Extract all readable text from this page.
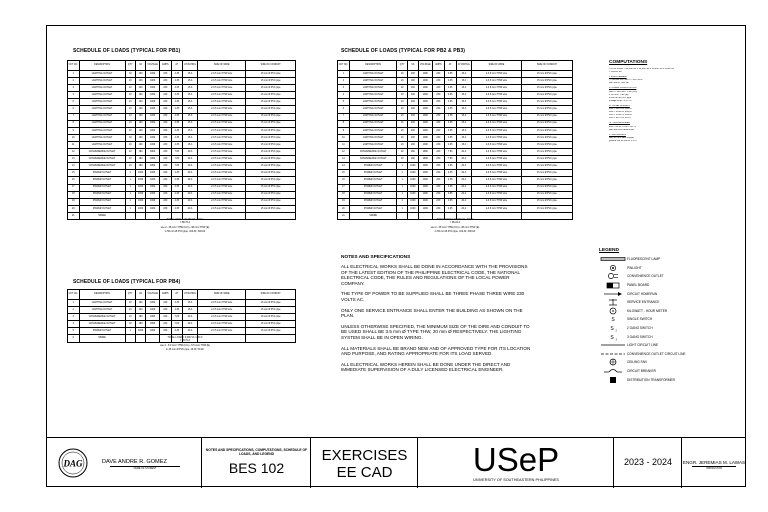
SCHEDULE OF LOADS (TYPICAL FOR PB1)
CKT NO.	DESCRIPTION	QTY	VA	VOLTAGE	AMPS	AT	AT RATING	SIZE OF WIRE	SIZE OF CONDUIT
1	LIGHTING OUTLET	10	100	1000	230	4.35	15 A	2-3.5 mm² THW wire	15 mm Ø PVC pipe
2	LIGHTING OUTLET	10	100	1000	230	4.35	15 A	2-3.5 mm² THW wire	15 mm Ø PVC pipe
3	LIGHTING OUTLET	10	100	1000	230	4.35	15 A	2-3.5 mm² THW wire	15 mm Ø PVC pipe
4	LIGHTING OUTLET	10	100	1000	230	4.35	15 A	2-3.5 mm² THW wire	15 mm Ø PVC pipe
5	LIGHTING OUTLET	10	100	1000	230	4.35	15 A	2-3.5 mm² THW wire	15 mm Ø PVC pipe
6	LIGHTING OUTLET	10	100	1000	230	4.35	15 A	2-3.5 mm² THW wire	15 mm Ø PVC pipe
7	LIGHTING OUTLET	10	100	1000	230	4.35	15 A	2-3.5 mm² THW wire	15 mm Ø PVC pipe
8	LIGHTING OUTLET	10	100	1000	230	4.35	15 A	2-3.5 mm² THW wire	15 mm Ø PVC pipe
9	LIGHTING OUTLET	10	100	1000	230	4.35	15 A	2-3.5 mm² THW wire	15 mm Ø PVC pipe
10	LIGHTING OUTLET	10	100	1000	230	4.35	15 A	2-3.5 mm² THW wire	15 mm Ø PVC pipe
11	LIGHTING OUTLET	10	100	1000	230	4.35	15 A	2-3.5 mm² THW wire	15 mm Ø PVC pipe
12	CONVENIENCE OUTLET	10	180	1800	230	7.83	20 A	2-3.5 mm² THW wire	15 mm Ø PVC pipe
13	CONVENIENCE OUTLET	10	180	1800	230	7.83	20 A	2-3.5 mm² THW wire	15 mm Ø PVC pipe
14	CONVENIENCE OUTLET	10	180	1800	230	7.83	20 A	2-3.5 mm² THW wire	15 mm Ø PVC pipe
15	POWER OUTLET	1	1000	1000	230	4.35	20 A	2-3.5 mm² THW wire	15 mm Ø PVC pipe
16	POWER OUTLET	1	1000	1000	230	4.35	20 A	2-3.5 mm² THW wire	15 mm Ø PVC pipe
17	POWER OUTLET	1	1000	1000	230	4.35	20 A	2-3.5 mm² THW wire	15 mm Ø PVC pipe
18	POWER OUTLET	1	1000	1000	230	4.35	20 A	2-3.5 mm² THW wire	15 mm Ø PVC pipe
19	POWER OUTLET	1	1000	1000	230	4.35	20 A	2-3.5 mm² THW wire	15 mm Ø PVC pipe
20	POWER OUTLET	1	1000	1000	230	4.35	20 A	2-3.5 mm² THW wire	15 mm Ø PVC pipe
21	SPARE								
TOTAL LOAD = 20,400 VA / 230 V
= 88.70 A
use 2 - 38 mm² THW (CU) + 38 mm² THW (E)
in 50 mm Ø PVC pipe, 100 AT, 300 AF
SCHEDULE OF LOADS (TYPICAL FOR PB2 & PB3)
CKT NO.	DESCRIPTION	QTY	VA	VOLTAGE	AMPS	AT	AT RATING	SIZE OF WIRE	SIZE OF CONDUIT
1	LIGHTING OUTLET	10	100	1000	230	4.35	15 A	2-3.5 mm² THW wire	15 mm Ø PVC pipe
2	LIGHTING OUTLET	10	100	1000	230	4.35	15 A	2-3.5 mm² THW wire	15 mm Ø PVC pipe
3	LIGHTING OUTLET	10	100	1000	230	4.35	15 A	2-3.5 mm² THW wire	15 mm Ø PVC pipe
4	LIGHTING OUTLET	10	100	1000	230	4.35	15 A	2-3.5 mm² THW wire	15 mm Ø PVC pipe
5	LIGHTING OUTLET	10	100	1000	230	4.35	15 A	2-3.5 mm² THW wire	15 mm Ø PVC pipe
6	LIGHTING OUTLET	10	100	1000	230	4.35	15 A	2-3.5 mm² THW wire	15 mm Ø PVC pipe
7	LIGHTING OUTLET	10	100	1000	230	4.35	15 A	2-3.5 mm² THW wire	15 mm Ø PVC pipe
8	LIGHTING OUTLET	10	100	1000	230	4.35	15 A	2-3.5 mm² THW wire	15 mm Ø PVC pipe
9	LIGHTING OUTLET	10	100	1000	230	4.35	15 A	2-3.5 mm² THW wire	15 mm Ø PVC pipe
10	LIGHTING OUTLET	10	100	1000	230	4.35	15 A	2-3.5 mm² THW wire	15 mm Ø PVC pipe
11	LIGHTING OUTLET	10	100	1000	230	4.35	15 A	2-3.5 mm² THW wire	15 mm Ø PVC pipe
12	CONVENIENCE OUTLET	10	180	1800	230	7.83	20 A	2-3.5 mm² THW wire	15 mm Ø PVC pipe
13	CONVENIENCE OUTLET	10	180	1800	230	7.83	20 A	2-3.5 mm² THW wire	15 mm Ø PVC pipe
14	POWER OUTLET	1	1000	1000	230	4.35	20 A	2-3.5 mm² THW wire	15 mm Ø PVC pipe
15	POWER OUTLET	1	1000	1000	230	4.35	20 A	2-3.5 mm² THW wire	15 mm Ø PVC pipe
16	POWER OUTLET	1	1000	1000	230	4.35	20 A	2-3.5 mm² THW wire	15 mm Ø PVC pipe
17	POWER OUTLET	1	1000	1000	230	4.35	20 A	2-3.5 mm² THW wire	15 mm Ø PVC pipe
18	POWER OUTLET	1	1000	1000	230	4.35	20 A	2-3.5 mm² THW wire	15 mm Ø PVC pipe
19	POWER OUTLET	1	1000	1000	230	4.35	20 A	2-3.5 mm² THW wire	15 mm Ø PVC pipe
20	POWER OUTLET	1	1000	1000	230	4.35	20 A	2-3.5 mm² THW wire	15 mm Ø PVC pipe
21	SPARE								
TOTAL LOAD = 19,600 VA / 230 V
= 85.22 A
use 2 - 38 mm² THW (CU) + 38 mm² THW (E)
in 50 mm Ø PVC pipe, 100 AT, 300 AF
SCHEDULE OF LOADS (TYPICAL FOR PB4)
CKT NO.	DESCRIPTION	QTY	VA	VOLTAGE	AMPS	AT	AT RATING	SIZE OF WIRE	SIZE OF CONDUIT
1	LIGHTING OUTLET	10	100	1000	230	4.35	15 A	2-3.5 mm² THW wire	15 mm Ø PVC pipe
2	LIGHTING OUTLET	10	100	1000	230	4.35	15 A	2-3.5 mm² THW wire	15 mm Ø PVC pipe
3	CONVENIENCE OUTLET	10	180	1800	230	7.83	20 A	2-3.5 mm² THW wire	15 mm Ø PVC pipe
4	CONVENIENCE OUTLET	10	180	1800	230	7.83	20 A	2-3.5 mm² THW wire	15 mm Ø PVC pipe
5	POWER OUTLET	1	1000	1000	230	4.35	20 A	2-3.5 mm² THW wire	15 mm Ø PVC pipe
6	SPARE									TOTAL LOAD = 6,600 VA / 230 V
= 28.70 A
use 2 - 8.0 mm² THW (CU) + 5.5 mm² THW (E)
in 25 mm Ø PVC pipe, 40 AT, 50 AF
NOTES AND SPECIFICATIONS

ALL ELECTRICAL WORKS SHALL BE DONE IN ACCORDANCE WITH THE PROVISIONS OF THE LATEST EDITION OF THE PHILIPPINE ELECTRICAL CODE, THE NATIONAL ELECTRICAL CODE, THE RULES AND REGULATIONS OF THE LOCAL POWER COMPANY.

THE TYPE OF POWER TO BE SUPPLIED SHALL BE THREE PHASE THREE WIRE 230 VOLTS AC.

ONLY ONE SERVICE ENTRANCE SHALL ENTER THE BUILDING AS SHOWN ON THE PLAN.

UNLESS OTHERWISE SPECIFIED, THE MINIMUM SIZE OF THE DIRE AND CONDUIT TO BE USED SHALL BE 3.5 mm Ø TYPE THW, 20 mm Ø RESPECTIVELY. THE LIGHTING SYSTEM SHALL BE IN OPEN WIRING.

ALL MATERIALS SHALL BE BRAND NEW AND OF APPROVED TYPE FOR ITS LOCATION AND PURPOSE, AND RATING APPROPRIATE FOR ITS LOAD SERVED.

ALL ELECTRICAL WORKS HEREIN SHALL BE DONE UNDER THE DIRECT AND IMMEDIATE SUPERVISION OF A DULY LICENSED ELECTRICAL ENGINEER.

COMPUTATIONS
TOTAL LOAD = 20,400 VA + 19,600 VA + 19,600 VA + 6,600 VA
= 66,200 VA
I. MAIN FEEDER
I = 66,200 VA / 230 V = 287.83 A
use 300 AT, 400 AF
II. CABLE COMPUTATION
use 3 - 150 mm² THW (CU)
+ 60 mm² THW (E)
in 80 mm Ø PVC pipe
voltage drop = 2.07 %
III. PANEL BOARDS
PB1 = 88.70 A, 100 AT
PB2 = 85.22 A, 100 AT
PB3 = 85.22 A, 100 AT
PB4 = 28.70 A, 40 AT
IV. TRANSFORMER
kVA = 66.20 / 0.80 = 82.75
use 100 kVA transformer
V. GROUNDING
use 38 mm² bare copper
ground rod 16 mm Ø x 3 m
LEGEND
FLUORESCENT LAMP
PINLIGHT
CONVENIENCE OUTLET
PANEL BOARD
CIRCUIT HOMERUN
SERVICE ENTRANCE
M	KILOWATT - HOUR METER
S	SINGLE SWITCH
S 2
2 GANG SWITCH
S 3
3 GANG SWITCH
LIGHT CIRCUIT LINE
CONVENIENCE OUTLET CIRCUIT LINE
CEILING FAN
CIRCUIT BREAKER
DISTRIBUTION TRANSFORMER
DAG	DAVE ANDRE R. GOMEZ
NAME OF STUDENT
NOTES AND SPECIFICATIONS, COMPUTATIONS, SCHEDULE OF LOADS, AND LEGEND
BES 102
EXERCISES
EE CAD	USeP
UNIVERSITY OF SOUTHEASTERN PHILIPPINES
2023 - 2024	ENGR. JEREMIAS M. LAWAS
INSTRUCTOR
